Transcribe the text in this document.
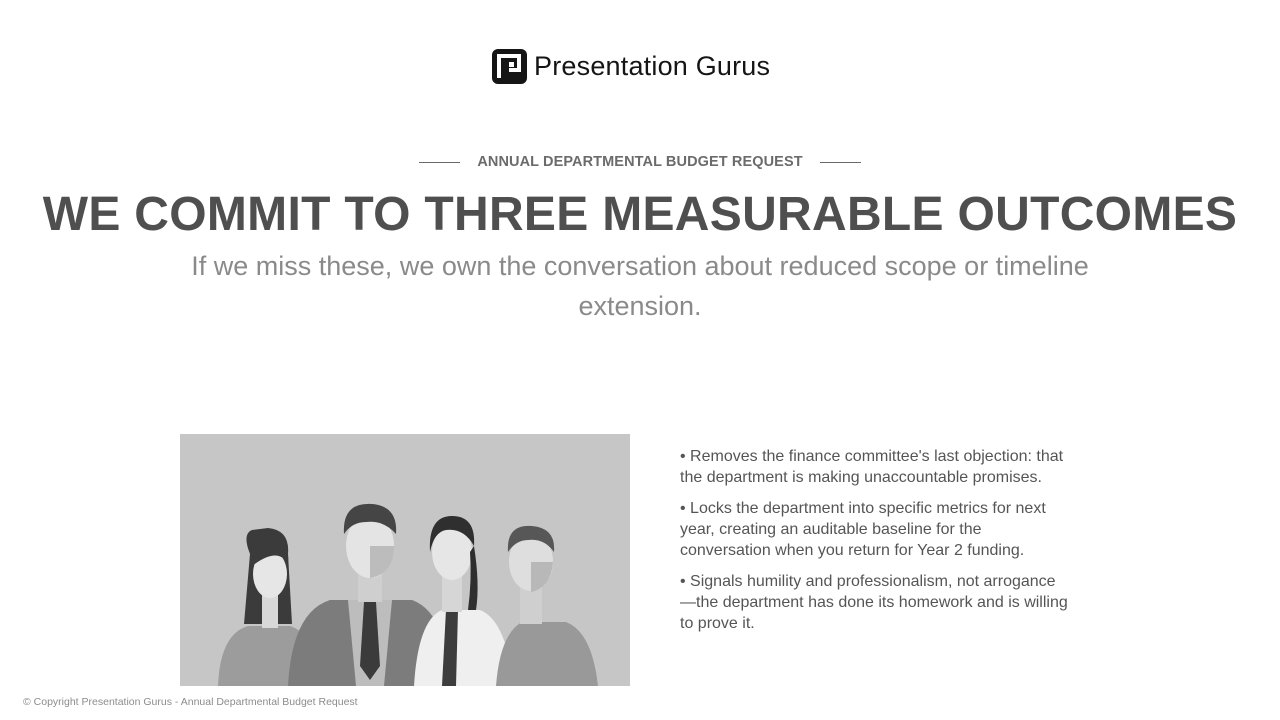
Presentation Gurus
ANNUAL DEPARTMENTAL BUDGET REQUEST
WE COMMIT TO THREE MEASURABLE OUTCOMES

If we miss these, we own the conversation about reduced scope or timeline extension.

• Removes the finance committee's last objection: that the department is making unaccountable promises.
• Locks the department into specific metrics for next year, creating an auditable baseline for the conversation when you return for Year 2 funding.
• Signals humility and professionalism, not arrogance—the department has done its homework and is willing to prove it.
© Copyright Presentation Gurus - Annual Departmental Budget Request
